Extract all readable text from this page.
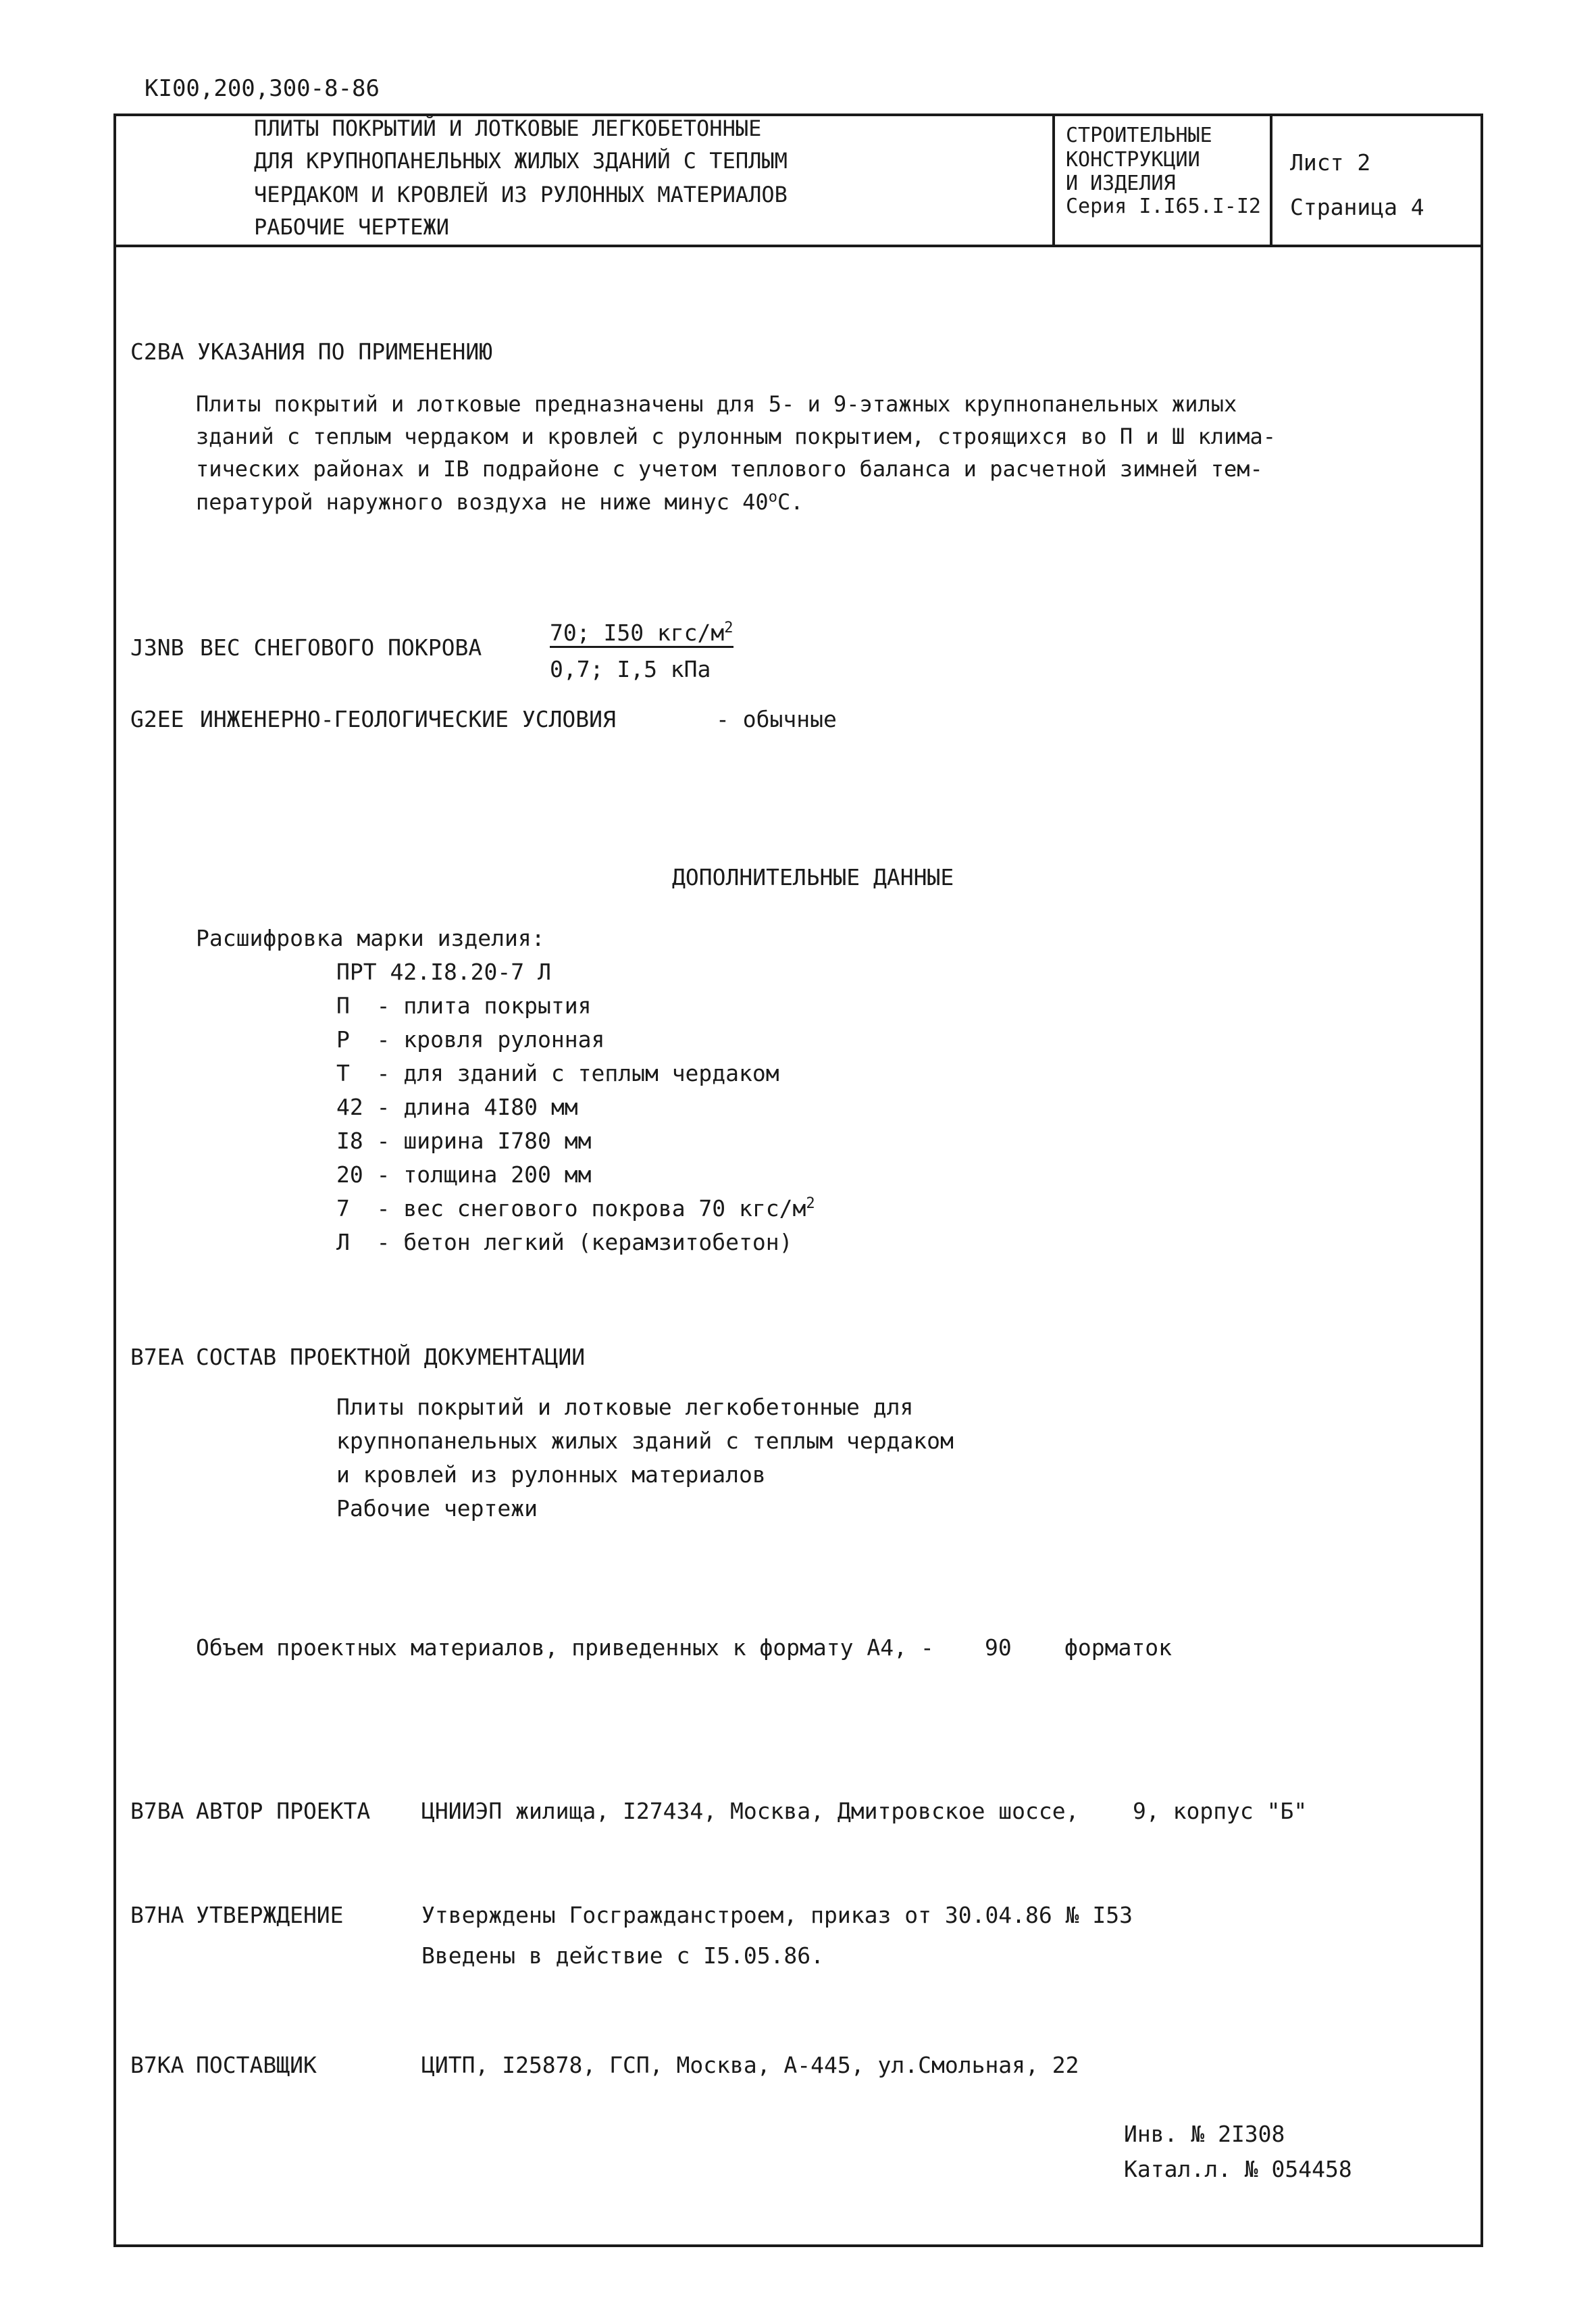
КI00,200,300-8-86
ПЛИТЫ ПОКРЫТИЙ И ЛОТКОВЫЕ ЛЕГКОБЕТОННЫЕ
ДЛЯ КРУПНОПАНЕЛЬНЫХ ЖИЛЫХ ЗДАНИЙ С ТЕПЛЫМ
ЧЕРДАКОМ И КРОВЛЕЙ ИЗ РУЛОННЫХ МАТЕРИАЛОВ
РАБОЧИЕ ЧЕРТЕЖИ
СТРОИТЕЛЬНЫЕ
КОНСТРУКЦИИ
И ИЗДЕЛИЯ
Серия I.I65.I-I2
Лист 2
Страница 4
C2BA УКАЗАНИЯ ПО ПРИМЕНЕНИЮ
Плиты покрытий и лотковые предназначены для 5- и 9-этажных крупнопанельных жилых
зданий с теплым чердаком и кровлей с рулонным покрытием, строящихся во П и Ш клима-
тических районах и IВ подрайоне с учетом теплового баланса и расчетной зимней тем-
пературой наружного воздуха не ниже минус 40$^o$C.
J3NB ВЕС СНЕГОВОГО ПОКРОВА
70; I50 кгс/$м^2$
0,7; I,5 кПа
G2EE ИНЖЕНЕРНО-ГЕОЛОГИЧЕСКИЕ УСЛОВИЯ	- обычные
ДОПОЛНИТЕЛЬНЫЕ ДАННЫЕ
Расшифровка марки изделия:
ПРТ 42.I8.20-7 Л
П  - плита покрытия
Р  - кровля рулонная
Т  - для зданий с теплым чердаком
42 - длина 4I80 мм
I8 - ширина I780 мм
20 - толщина 200 мм
7  - вес снегового покрова 70 кгс/$м^2$
Л  - бетон легкий (керамзитобетон)
B7EA СОСТАВ ПРОЕКТНОЙ ДОКУМЕНТАЦИИ
Плиты покрытий и лотковые легкобетонные для
крупнопанельных жилых зданий с теплым чердаком
и кровлей из рулонных материалов
Рабочие чертежи
Объем проектных материалов, приведенных к формату А4, - 90 форматок
B7BA АВТОР ПРОЕКТА ЦНИИЭП жилища, I27434, Москва, Дмитровское шоссе,    9, корпус "Б"
B7HA УТВЕРЖДЕНИЕ	Утверждены Госгражданстроем, приказ от 30.04.86 № I53
Введены в действие с I5.05.86.
B7KA ПОСТАВЩИК	ЦИТП, I25878, ГСП, Москва, А-445, ул.Смольная, 22
Инв. № 2I308
Катал.л. № 054458
